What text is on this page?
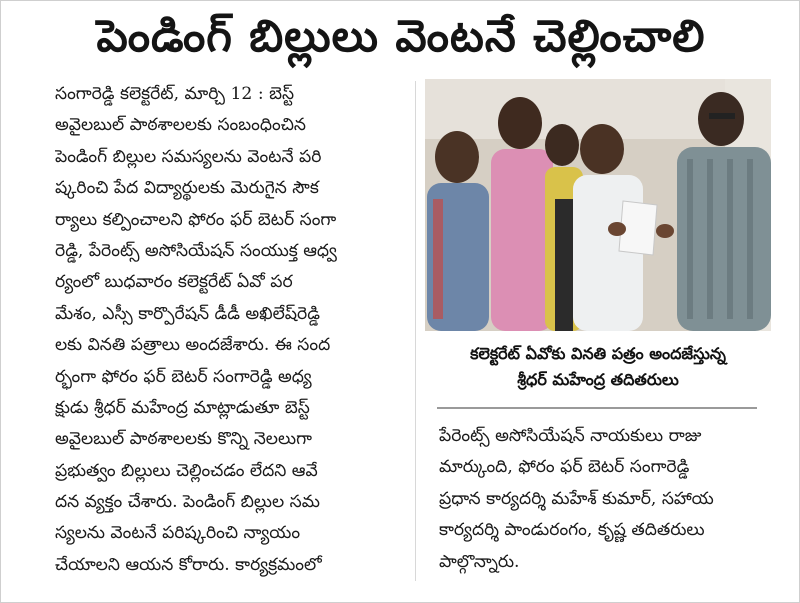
పెండింగ్ బిల్లులు వెంటనే చెల్లించాలి
సంగారెడ్డి కలెక్టరేట్, మార్చి 12 : బెస్ట్
అవైలబుల్ పాఠశాలలకు సంబంధించిన
పెండింగ్ బిల్లుల సమస్యలను వెంటనే పరి
ష్కరించి పేద విద్యార్థులకు మెరుగైన సౌక
ర్యాలు కల్పించాలని ఫోరం ఫర్ బెటర్ సంగా
రెడ్డి, పేరెంట్స్ అసోసియేషన్ సంయుక్త ఆధ్వ
ర్యంలో బుధవారం కలెక్టరేట్ ఏవో పర
మేశం, ఎస్సీ కార్పొరేషన్ డీడీ అఖిలేష్‌రెడ్డి
లకు వినతి పత్రాలు అందజేశారు. ఈ సంద
ర్భంగా ఫోరం ఫర్ బెటర్ సంగారెడ్డి అధ్య
క్షుడు శ్రీధర్ మహేంద్ర మాట్లాడుతూ బెస్ట్
అవైలబుల్ పాఠశాలలకు కొన్ని నెలలుగా
ప్రభుత్వం బిల్లులు చెల్లించడం లేదని ఆవే
దన వ్యక్తం చేశారు. పెండింగ్ బిల్లుల సమ
స్యలను వెంటనే పరిష్కరించి న్యాయం
చేయాలని ఆయన కోరారు. కార్యక్రమంలో
కలెక్టరేట్ ఏవోకు వినతి పత్రం అందజేస్తున్న
శ్రీధర్ మహేంద్ర తదితరులు
పేరెంట్స్ అసోసియేషన్ నాయకులు రాజు
మార్కుంది, ఫోరం ఫర్ బెటర్ సంగారెడ్డి
ప్రధాన కార్యదర్శి మహేశ్ కుమార్, సహాయ
కార్యదర్శి పాండురంగం, కృష్ణ తదితరులు
పాల్గొన్నారు.
